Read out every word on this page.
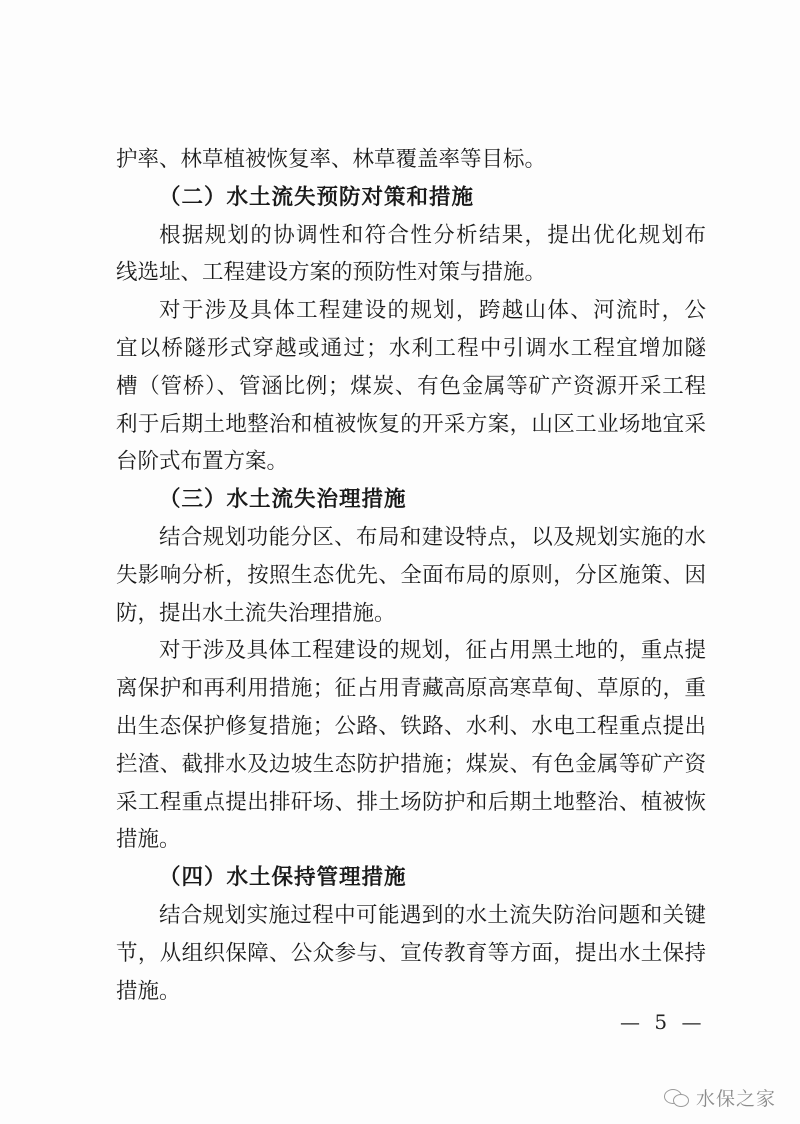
护率、林草植被恢复率、林草覆盖率等目标。

（二）水土流失预防对策和措施

根据规划的协调性和符合性分析结果，提出优化规划布

线选址、工程建设方案的预防性对策与措施。

对于涉及具体工程建设的规划，跨越山体、河流时，公

宜以桥隧形式穿越或通过；水利工程中引调水工程宜增加隧

槽（管桥）、管涵比例；煤炭、有色金属等矿产资源开采工程

利于后期土地整治和植被恢复的开采方案，山区工业场地宜采

台阶式布置方案。

（三）水土流失治理措施

结合规划功能分区、布局和建设特点，以及规划实施的水

失影响分析，按照生态优先、全面布局的原则，分区施策、因

防，提出水土流失治理措施。

对于涉及具体工程建设的规划，征占用黑土地的，重点提

离保护和再利用措施；征占用青藏高原高寒草甸、草原的，重

出生态保护修复措施；公路、铁路、水利、水电工程重点提出

拦渣、截排水及边坡生态防护措施；煤炭、有色金属等矿产资

采工程重点提出排矸场、排土场防护和后期土地整治、植被恢

措施。

（四）水土保持管理措施

结合规划实施过程中可能遇到的水土流失防治问题和关键

节，从组织保障、公众参与、宣传教育等方面，提出水土保持

措施。

— 5 —
水保之家
